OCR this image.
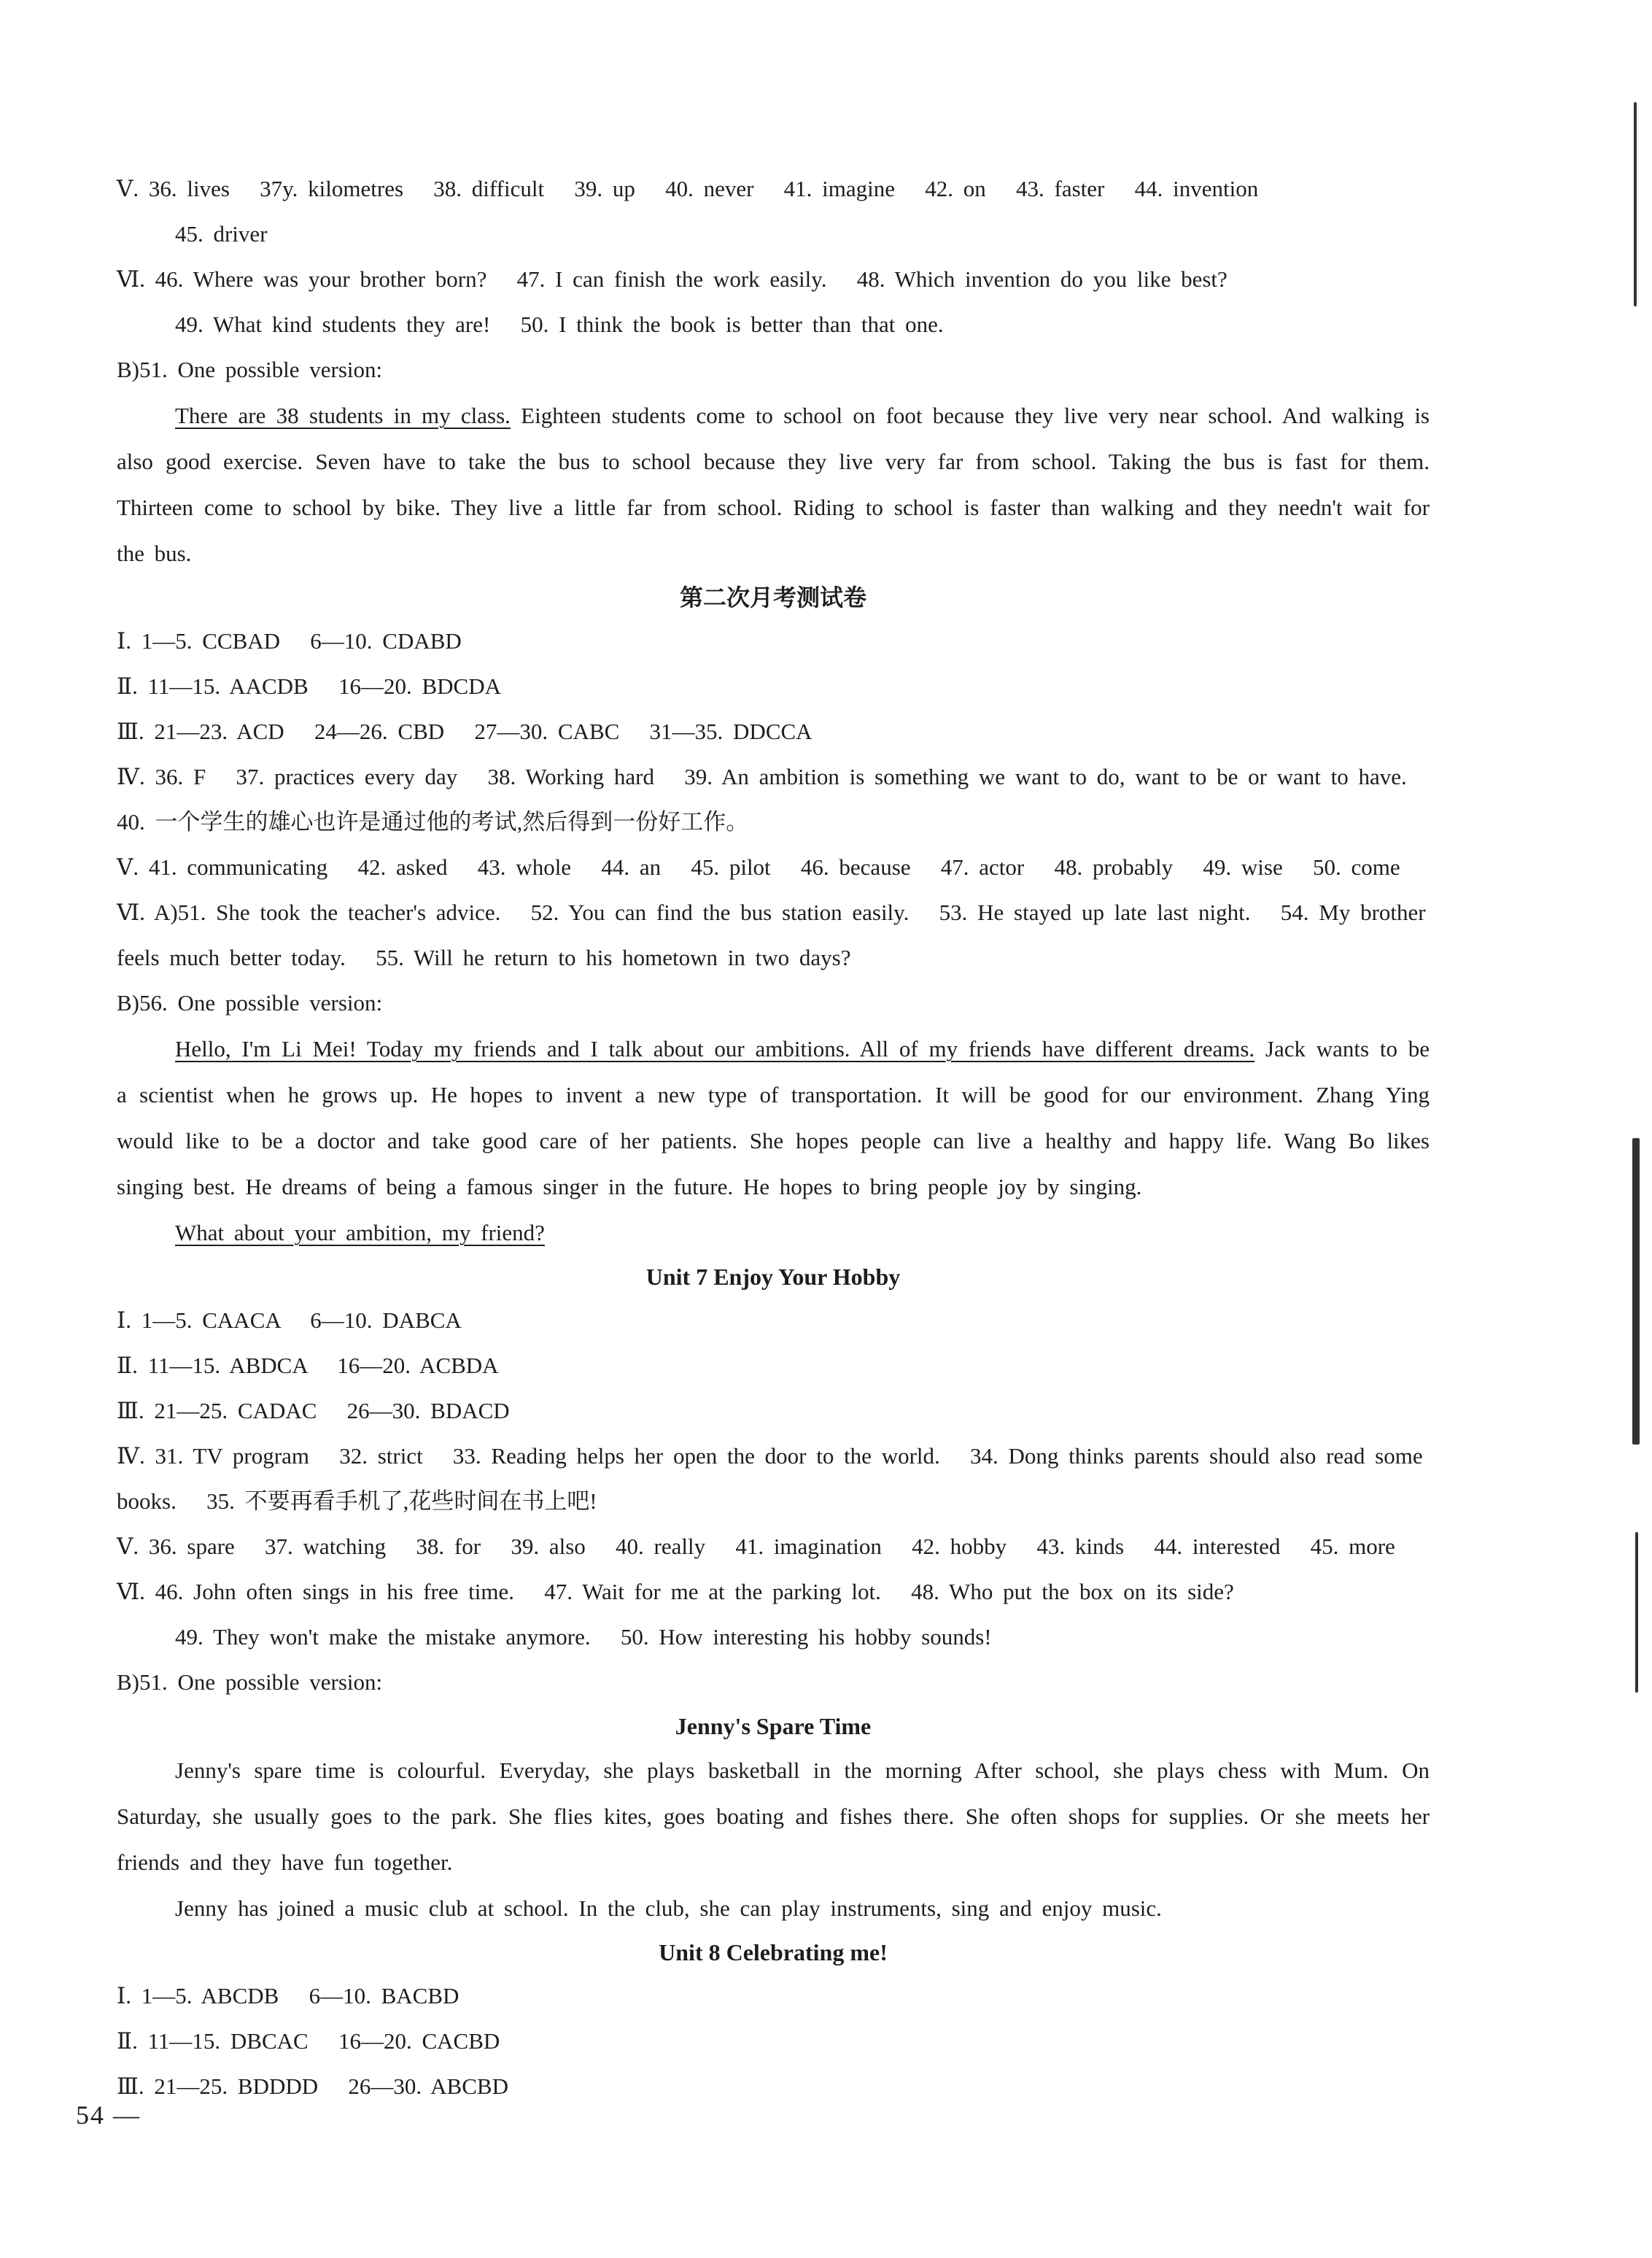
Ⅴ. 36. lives   37y. kilometres   38. difficult   39. up   40. never   41. imagine   42. on   43. faster   44. invention

45. driver

Ⅵ. 46. Where was your brother born?   47. I can finish the work easily.   48. Which invention do you like best?

49. What kind students they are!   50. I think the book is better than that one.

B)51. One possible version:

There are 38 students in my class. Eighteen students come to school on foot because they live very near school. And walking is also good exercise. Seven have to take the bus to school because they live very far from school. Taking the bus is fast for them. Thirteen come to school by bike. They live a little far from school. Riding to school is faster than walking and they needn't wait for the bus.

第二次月考测试卷

Ⅰ. 1—5. CCBAD   6—10. CDABD

Ⅱ. 11—15. AACDB   16—20. BDCDA

Ⅲ. 21—23. ACD   24—26. CBD   27—30. CABC   31—35. DDCCA

Ⅳ. 36. F   37. practices every day   38. Working hard   39. An ambition is something we want to do, want to be or want to have.   40. 一个学生的雄心也许是通过他的考试,然后得到一份好工作。

Ⅴ. 41. communicating   42. asked   43. whole   44. an   45. pilot   46. because   47. actor   48. probably   49. wise   50. come

Ⅵ. A)51. She took the teacher's advice.   52. You can find the bus station easily.   53. He stayed up late last night.   54. My brother feels much better today.   55. Will he return to his hometown in two days?

B)56. One possible version:

Hello, I'm Li Mei! Today my friends and I talk about our ambitions. All of my friends have different dreams. Jack wants to be a scientist when he grows up. He hopes to invent a new type of transportation. It will be good for our environment. Zhang Ying would like to be a doctor and take good care of her patients. She hopes people can live a healthy and happy life. Wang Bo likes singing best. He dreams of being a famous singer in the future. He hopes to bring people joy by singing.

What about your ambition, my friend?

Unit 7 Enjoy Your Hobby

Ⅰ. 1—5. CAACA   6—10. DABCA

Ⅱ. 11—15. ABDCA   16—20. ACBDA

Ⅲ. 21—25. CADAC   26—30. BDACD

Ⅳ. 31. TV program   32. strict   33. Reading helps her open the door to the world.   34. Dong thinks parents should also read some books.   35. 不要再看手机了,花些时间在书上吧!

Ⅴ. 36. spare   37. watching   38. for   39. also   40. really   41. imagination   42. hobby   43. kinds   44. interested   45. more

Ⅵ. 46. John often sings in his free time.   47. Wait for me at the parking lot.   48. Who put the box on its side?

49. They won't make the mistake anymore.   50. How interesting his hobby sounds!

B)51. One possible version:

Jenny's Spare Time

Jenny's spare time is colourful. Everyday, she plays basketball in the morning After school, she plays chess with Mum. On Saturday, she usually goes to the park. She flies kites, goes boating and fishes there. She often shops for supplies. Or she meets her friends and they have fun together.

Jenny has joined a music club at school. In the club, she can play instruments, sing and enjoy music.

Unit 8 Celebrating me!

Ⅰ. 1—5. ABCDB   6—10. BACBD

Ⅱ. 11—15. DBCAC   16—20. CACBD

Ⅲ. 21—25. BDDDD   26—30. ABCBD

54 —
